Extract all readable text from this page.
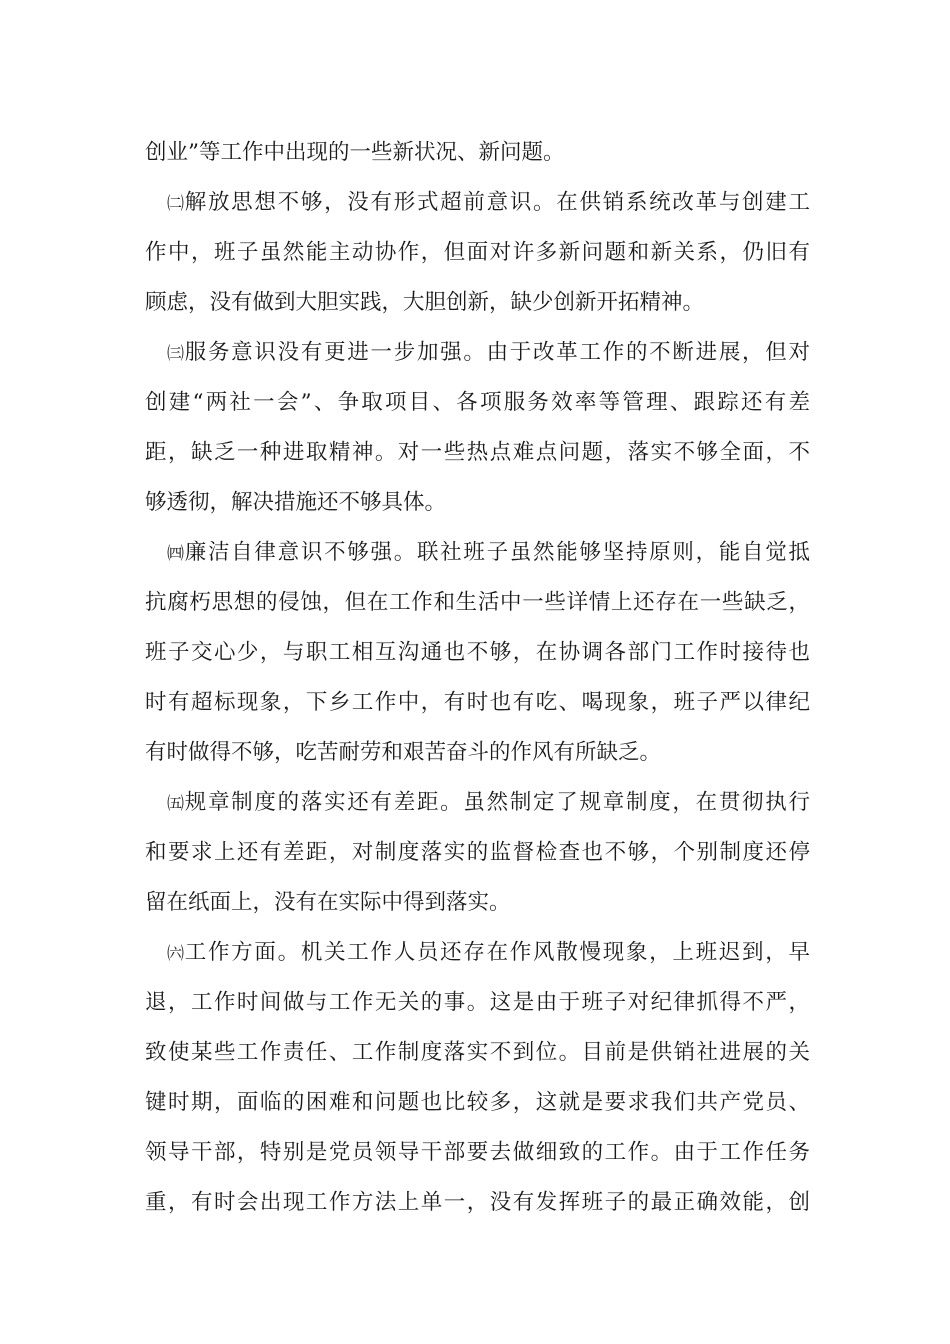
创业”等工作中出现的一些新状况、新问题。
㈡解放思想不够，没有形式超前意识。在供销系统改革与创建工
作中，班子虽然能主动协作，但面对许多新问题和新关系，仍旧有
顾虑，没有做到大胆实践，大胆创新，缺少创新开拓精神。
㈢服务意识没有更进一步加强。由于改革工作的不断进展，但对
创建“两社一会”、争取项目、各项服务效率等管理、跟踪还有差
距，缺乏一种进取精神。对一些热点难点问题，落实不够全面，不
够透彻，解决措施还不够具体。
㈣廉洁自律意识不够强。联社班子虽然能够坚持原则，能自觉抵
抗腐朽思想的侵蚀，但在工作和生活中一些详情上还存在一些缺乏，
班子交心少，与职工相互沟通也不够，在协调各部门工作时接待也
时有超标现象，下乡工作中，有时也有吃、喝现象，班子严以律纪
有时做得不够，吃苦耐劳和艰苦奋斗的作风有所缺乏。
㈤规章制度的落实还有差距。虽然制定了规章制度，在贯彻执行
和要求上还有差距，对制度落实的监督检查也不够，个别制度还停
留在纸面上，没有在实际中得到落实。
㈥工作方面。机关工作人员还存在作风散慢现象，上班迟到，早
退，工作时间做与工作无关的事。这是由于班子对纪律抓得不严，
致使某些工作责任、工作制度落实不到位。目前是供销社进展的关
键时期，面临的困难和问题也比较多，这就是要求我们共产党员、
领导干部，特别是党员领导干部要去做细致的工作。由于工作任务
重，有时会出现工作方法上单一，没有发挥班子的最正确效能，创
